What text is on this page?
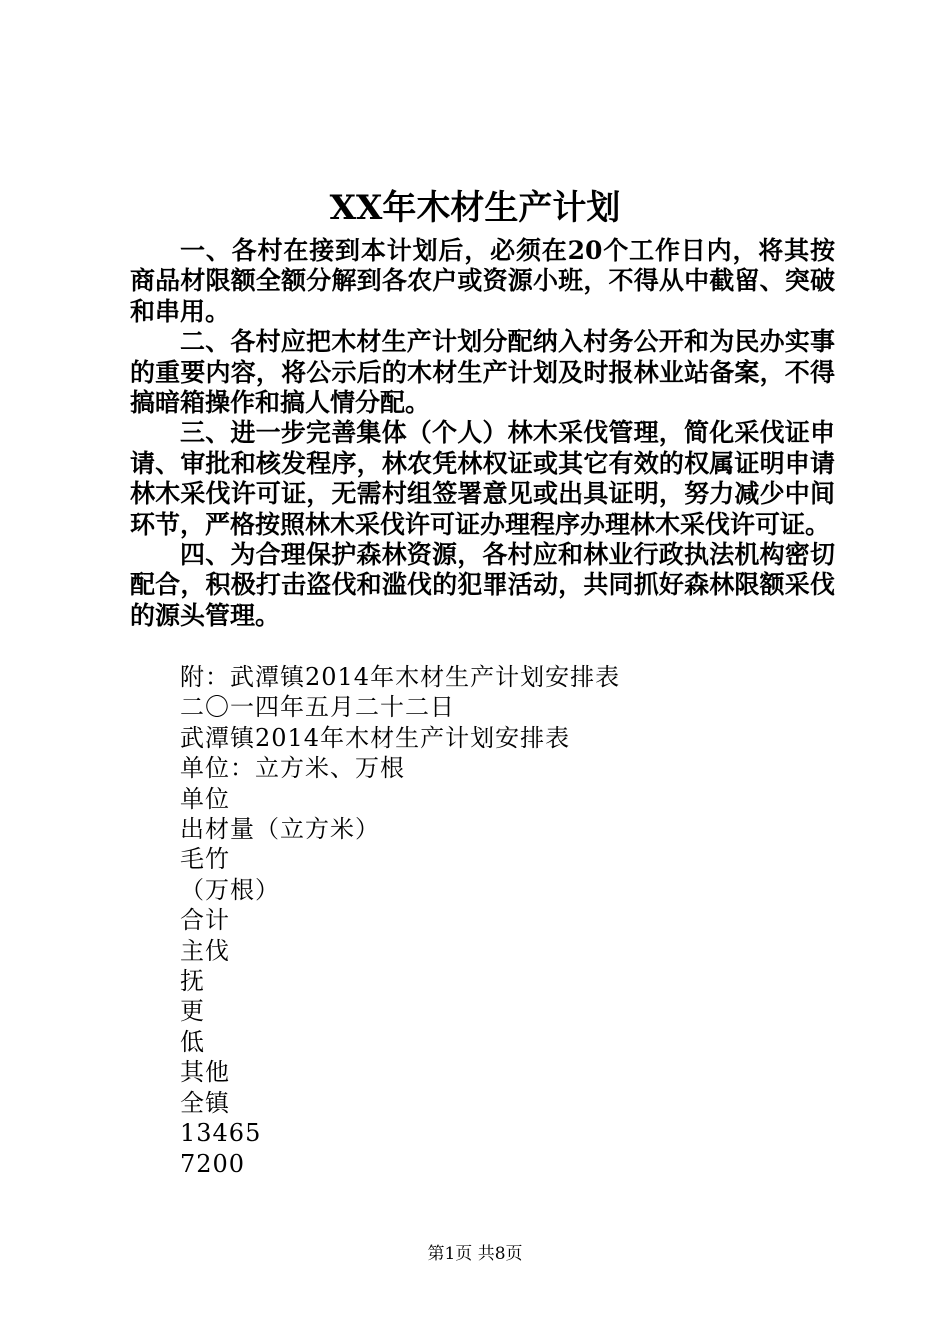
XX年木材生产计划

一、各村在接到本计划后，必须在20个工作日内，将其按商品材限额全额分解到各农户或资源小班，不得从中截留、突破和串用。

二、各村应把木材生产计划分配纳入村务公开和为民办实事的重要内容，将公示后的木材生产计划及时报林业站备案，不得搞暗箱操作和搞人情分配。

三、进一步完善集体（个人）林木采伐管理，简化采伐证申请、审批和核发程序，林农凭林权证或其它有效的权属证明申请林木采伐许可证，无需村组签署意见或出具证明，努力减少中间环节，严格按照林木采伐许可证办理程序办理林木采伐许可证。

四、为合理保护森林资源，各村应和林业行政执法机构密切配合，积极打击盗伐和滥伐的犯罪活动，共同抓好森林限额采伐的源头管理。

附：武潭镇2014年木材生产计划安排表

二〇一四年五月二十二日

武潭镇2014年木材生产计划安排表

单位：立方米、万根

单位

出材量（立方米）

毛竹

（万根）

合计

主伐

抚

更

低

其他

全镇

13465

7200

第1页 共8页
